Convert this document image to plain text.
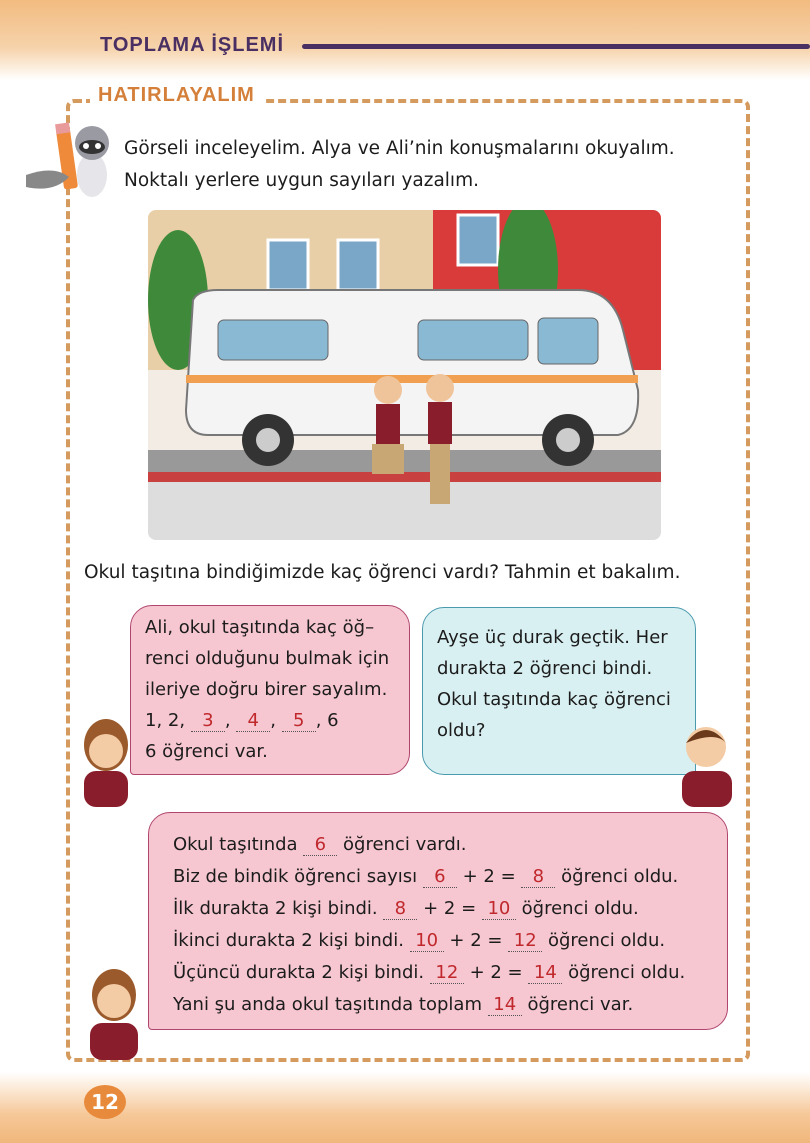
TOPLAMA İŞLEMİ
HATIRLAYALIM
Görseli inceleyelim. Alya ve Ali’nin konuşmalarını okuyalım. Noktalı yerlere uygun sayıları yazalım.
Okul taşıtına bindiğimizde kaç öğrenci vardı? Tahmin et bakalım.
Ali, okul taşıtında kaç öğ–
renci olduğunu bulmak için
ileriye doğru birer sayalım.
1, 2, 3 , 4 , 5 , 6
6 öğrenci var.
Ayşe üç durak geçtik. Her durakta 2 öğrenci bindi. Okul taşıtında kaç öğrenci oldu?
Okul taşıtında 6 öğrenci vardı.
Biz de bindik öğrenci sayısı 6 + 2 = 8 öğrenci oldu.
İlk durakta 2 kişi bindi. 8 + 2 = 10 öğrenci oldu.
İkinci durakta 2 kişi bindi. 10 + 2 = 12 öğrenci oldu.
Üçüncü durakta 2 kişi bindi. 12 + 2 = 14 öğrenci oldu.
Yani şu anda okul taşıtında toplam 14 öğrenci var.
12
